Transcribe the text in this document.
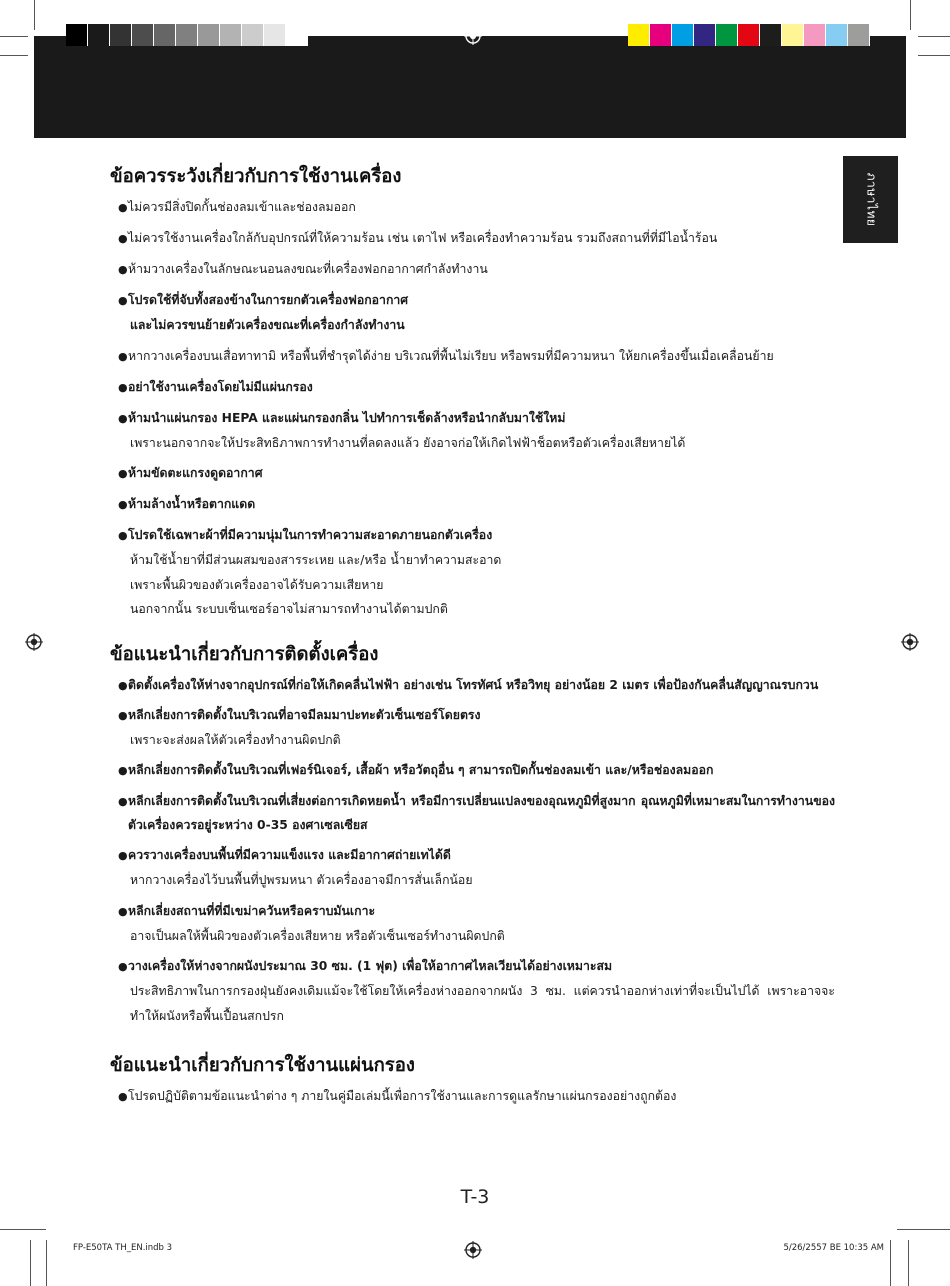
ภาษาไทย
ข้อควรระวังเกี่ยวกับการใช้งานเครื่อง
● ไม่ควรมีสิ่งปิดกั้นช่องลมเข้าและช่องลมออก
● ไม่ควรใช้งานเครื่องใกล้กับอุปกรณ์ที่ให้ความร้อน เช่น เตาไฟ หรือเครื่องทำความร้อน รวมถึงสถานที่ที่มีไอน้ำร้อน
● ห้ามวางเครื่องในลักษณะนอนลงขณะที่เครื่องฟอกอากาศกำลังทำงาน
● โปรดใช้ที่จับทั้งสองข้างในการยกตัวเครื่องฟอกอากาศ
และไม่ควรขนย้ายตัวเครื่องขณะที่เครื่องกำลังทำงาน
● หากวางเครื่องบนเสื่อทาทามิ หรือพื้นที่ชำรุดได้ง่าย บริเวณที่พื้นไม่เรียบ หรือพรมที่มีความหนา ให้ยกเครื่องขึ้นเมื่อเคลื่อนย้าย
● อย่าใช้งานเครื่องโดยไม่มีแผ่นกรอง
● ห้ามนำแผ่นกรอง HEPA และแผ่นกรองกลิ่น ไปทำการเช็ดล้างหรือนำกลับมาใช้ใหม่
เพราะนอกจากจะให้ประสิทธิภาพการทำงานที่ลดลงแล้ว ยังอาจก่อให้เกิดไฟฟ้าช็อตหรือตัวเครื่องเสียหายได้
● ห้ามขัดตะแกรงดูดอากาศ
● ห้ามล้างน้ำหรือตากแดด
● โปรดใช้เฉพาะผ้าที่มีความนุ่มในการทำความสะอาดภายนอกตัวเครื่อง
ห้ามใช้น้ำยาที่มีส่วนผสมของสารระเหย และ/หรือ น้ำยาทำความสะอาด
เพราะพื้นผิวของตัวเครื่องอาจได้รับความเสียหาย
นอกจากนั้น ระบบเซ็นเซอร์อาจไม่สามารถทำงานได้ตามปกติ
ข้อแนะนำเกี่ยวกับการติดตั้งเครื่อง
● ติดตั้งเครื่องให้ห่างจากอุปกรณ์ที่ก่อให้เกิดคลื่นไฟฟ้า อย่างเช่น โทรทัศน์ หรือวิทยุ อย่างน้อย 2 เมตร เพื่อป้องกันคลื่นสัญญาณรบกวน
● หลีกเลี่ยงการติดตั้งในบริเวณที่อาจมีลมมาปะทะตัวเซ็นเซอร์โดยตรง
เพราะจะส่งผลให้ตัวเครื่องทำงานผิดปกติ
● หลีกเลี่ยงการติดตั้งในบริเวณที่เฟอร์นิเจอร์, เสื้อผ้า หรือวัตถุอื่น ๆ สามารถปิดกั้นช่องลมเข้า และ/หรือช่องลมออก
● หลีกเลี่ยงการติดตั้งในบริเวณที่เสี่ยงต่อการเกิดหยดน้ำ หรือมีการเปลี่ยนแปลงของอุณหภูมิที่สูงมาก อุณหภูมิที่เหมาะสมในการทำงานของตัวเครื่องควรอยู่ระหว่าง 0-35 องศาเซลเซียส
● ควรวางเครื่องบนพื้นที่มีความแข็งแรง และมีอากาศถ่ายเทได้ดี
หากวางเครื่องไว้บนพื้นที่ปูพรมหนา ตัวเครื่องอาจมีการสั่นเล็กน้อย
● หลีกเลี่ยงสถานที่ที่มีเขม่าควันหรือคราบมันเกาะ
อาจเป็นผลให้พื้นผิวของตัวเครื่องเสียหาย หรือตัวเซ็นเซอร์ทำงานผิดปกติ
● วางเครื่องให้ห่างจากผนังประมาณ 30 ซม. (1 ฟุต) เพื่อให้อากาศไหลเวียนได้อย่างเหมาะสม
ประสิทธิภาพในการกรองฝุ่นยังคงเดิมแม้จะใช้โดยให้เครื่องห่างออกจากผนัง 3 ซม. แต่ควรนำออกห่างเท่าที่จะเป็นไปได้ เพราะอาจจะทำให้ผนังหรือพื้นเปื้อนสกปรก
ข้อแนะนำเกี่ยวกับการใช้งานแผ่นกรอง
● โปรดปฏิบัติตามข้อแนะนำต่าง ๆ ภายในคู่มือเล่มนี้เพื่อการใช้งานและการดูแลรักษาแผ่นกรองอย่างถูกต้อง
T-3
FP-E50TA TH_EN.indb 3	5/26/2557 BE 10:35 AM
